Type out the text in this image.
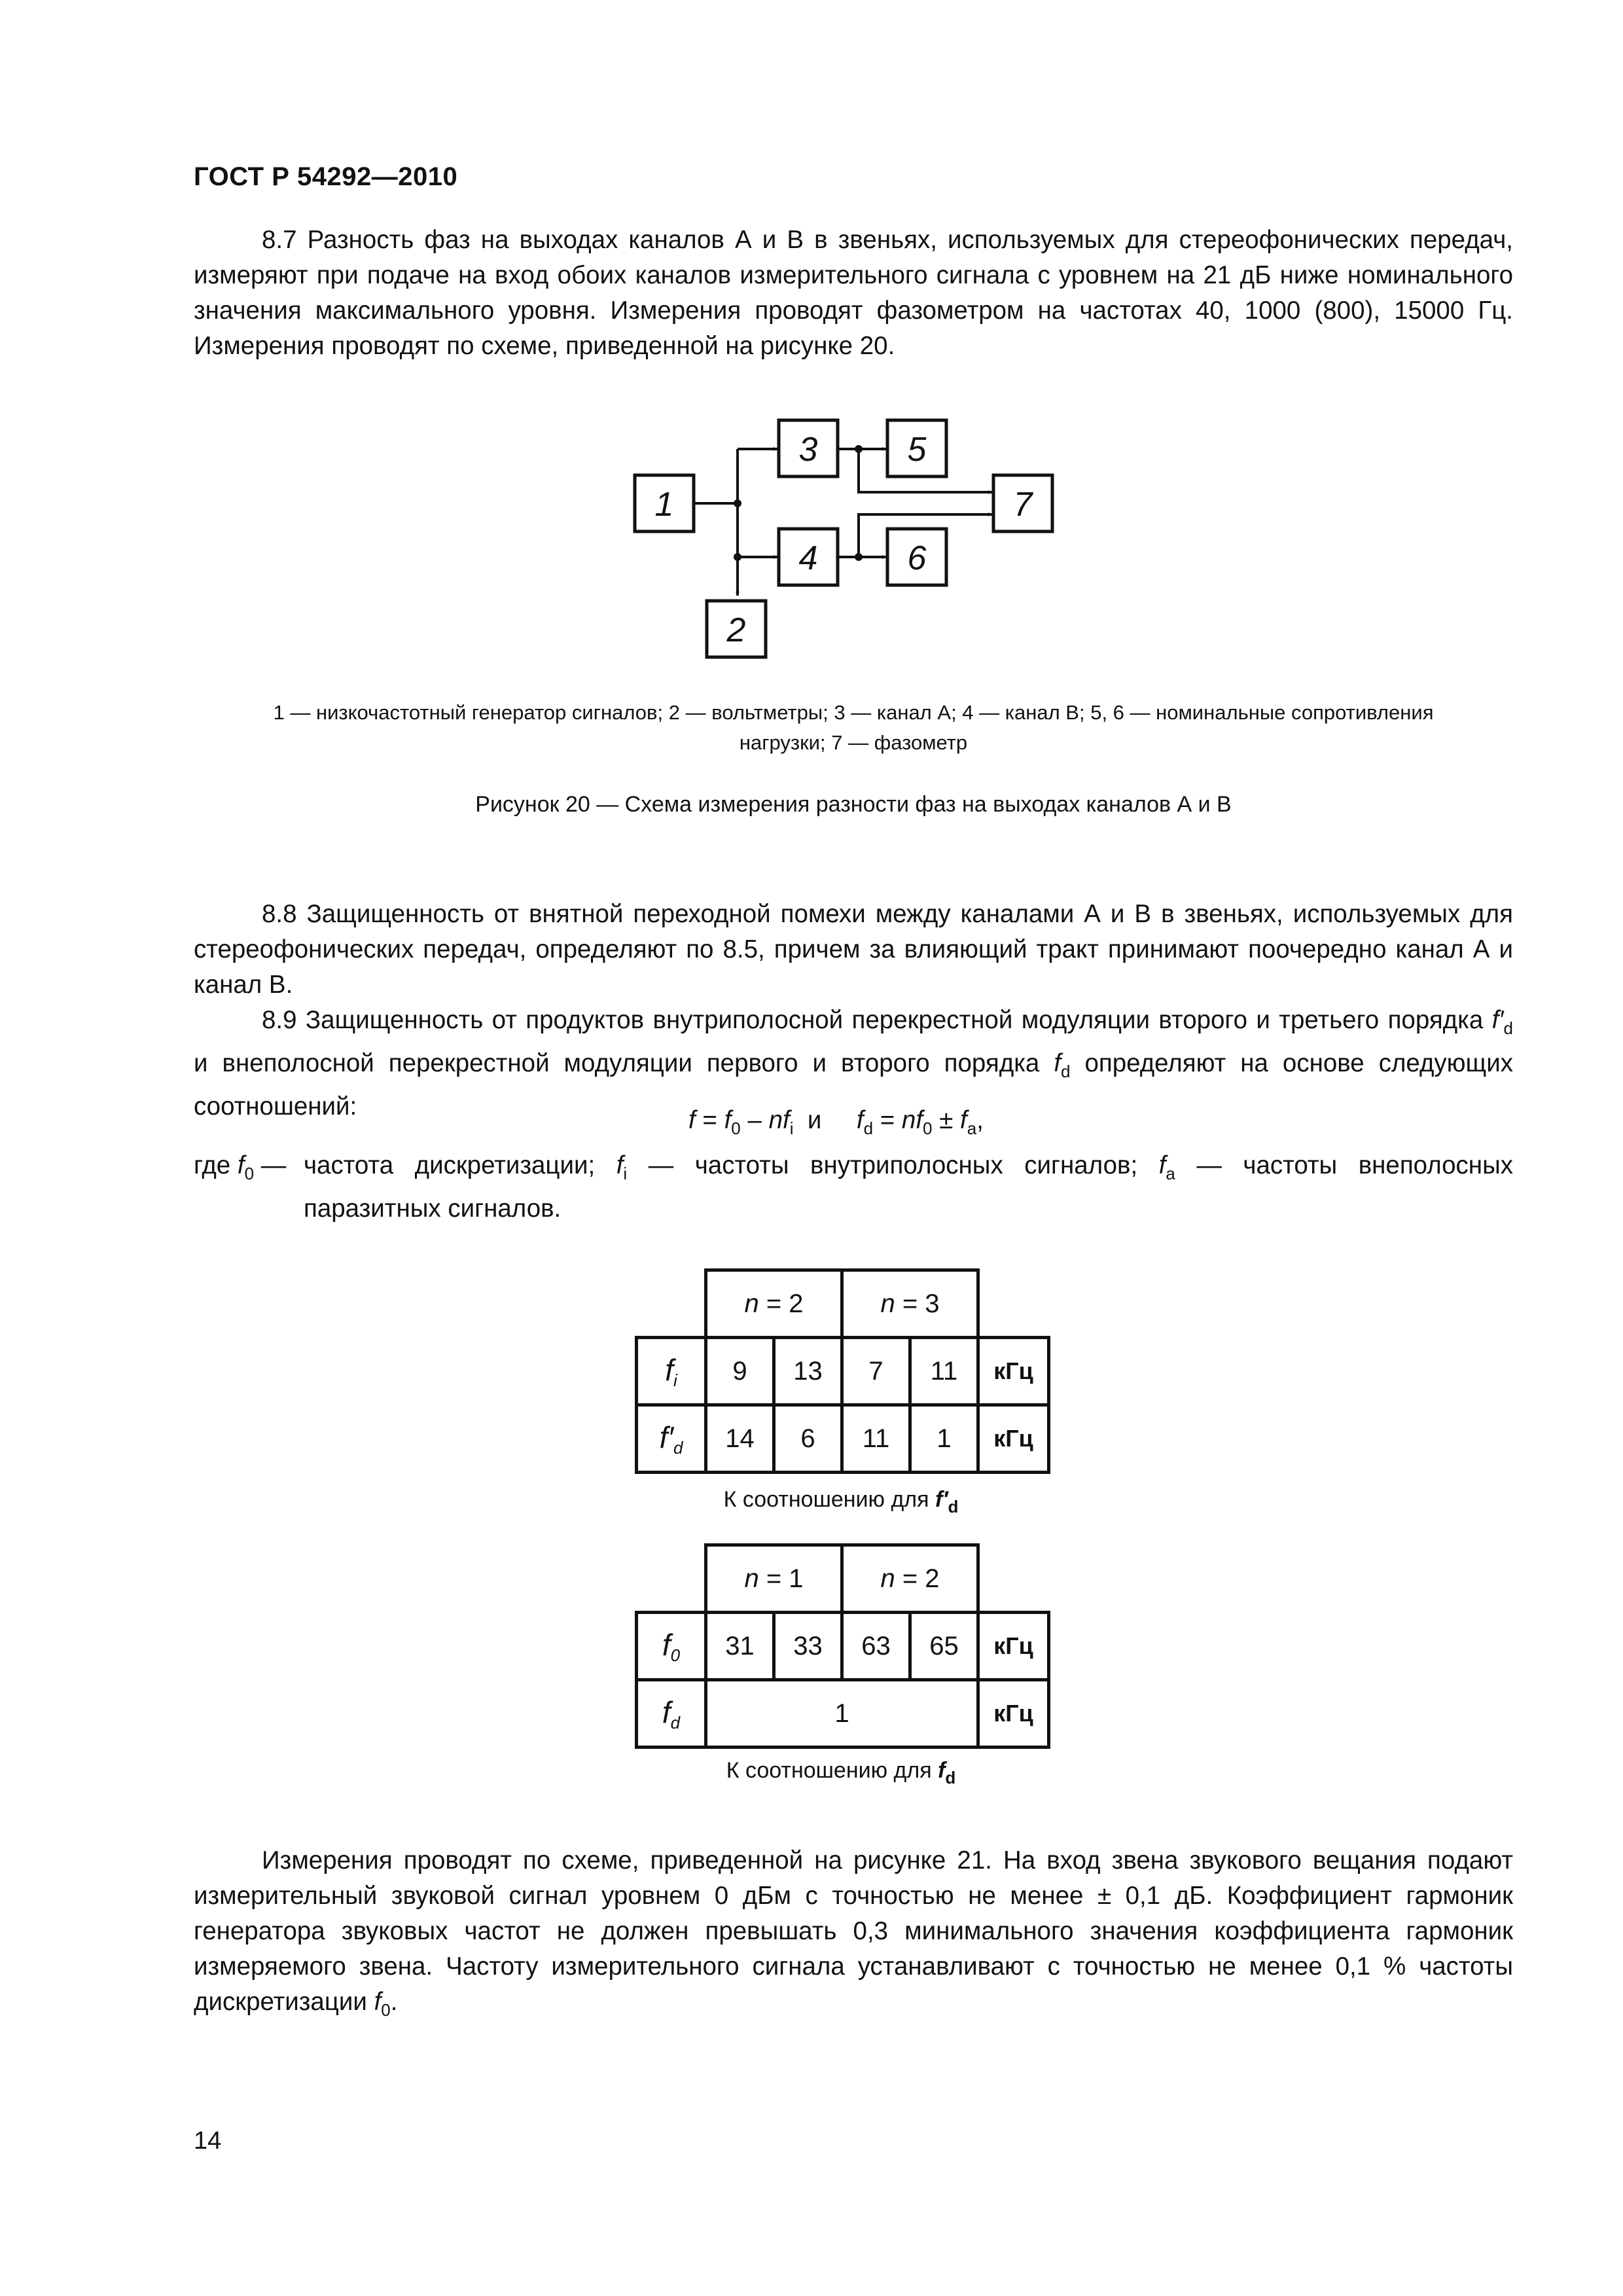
ГОСТ Р 54292—2010

8.7 Разность фаз на выходах каналов А и В в звеньях, используемых для стереофонических передач, измеряют при подаче на вход обоих каналов измерительного сигнала с уровнем на 21 дБ ниже номинального значения максимального уровня. Измерения проводят фазометром на частотах 40, 1000 (800), 15000 Гц. Измерения проводят по схеме, приведенной на рисунке 20.

1
2
3
4
5
6
7
1 — низкочастотный генератор сигналов; 2 — вольтметры; 3 — канал А; 4 — канал В; 5, 6 — номинальные сопротивления
нагрузки; 7 — фазометр
Рисунок 20 — Схема измерения разности фаз на выходах каналов А и В

8.8 Защищенность от внятной переходной помехи между каналами А и В в звеньях, используемых для стереофонических передач, определяют по 8.5, причем за влияющий тракт принимают поочередно канал А и канал В.

8.9 Защищенность от продуктов внутриполосной перекрестной модуляции второго и третьего порядка $f'_d$ и внеполосной перекрестной модуляции первого и второго порядка $f_d$ определяют на основе следующих соотношений:	$f = f_0 - nf_i$  и     $f_d = nf_0 \pm f_a$,
где $f_0$ — частота дискретизации; $f_i$ — частоты внутриполосных сигналов; $f_a$ — частоты внеполосных
паразитных сигналов.
	n = 2		n = 3		
$f_i$	9	13	7	11	кГц
$f'_d$	14	6	11	1	кГц
К соотношению для $f'_d$
	n = 1		n = 2		
$f_0$	31	33	63	65	кГц
$f_d$	1				кГц
К соотношению для $f_d$

Измерения проводят по схеме, приведенной на рисунке 21. На вход звена звукового вещания подают измерительный звуковой сигнал уровнем 0 дБм с точностью не менее ± 0,1 дБ. Коэффициент гармоник генератора звуковых частот не должен превышать 0,3 минимального значения коэффициента гармоник измеряемого звена. Частоту измерительного сигнала устанавливают с точностью не менее 0,1 % частоты дискретизации $f_0$.

14
